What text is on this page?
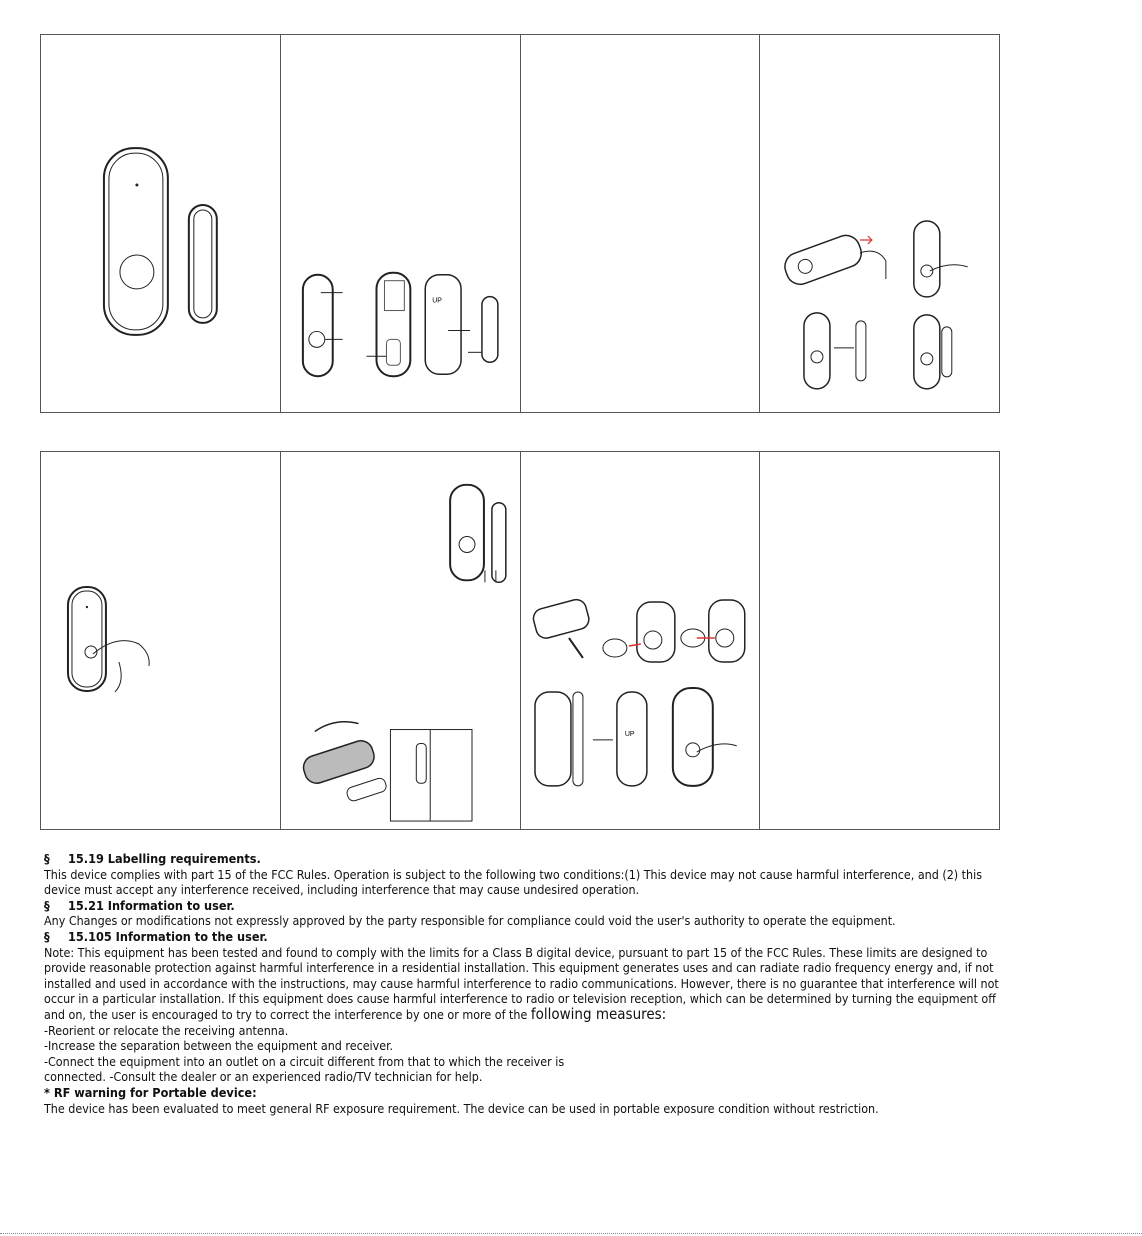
UP
UP
§ 15.19 Labelling requirements.

This device complies with part 15 of the FCC Rules. Operation is subject to the following two conditions:(1) This device may not cause harmful interference, and (2) this device must accept any interference received, including interference that may cause undesired operation.

§ 15.21 Information to user.

Any Changes or modifications not expressly approved by the party responsible for compliance could void the user's authority to operate the equipment.

§ 15.105 Information to the user.

Note: This equipment has been tested and found to comply with the limits for a Class B digital device, pursuant to part 15 of the FCC Rules. These limits are designed to provide reasonable protection against harmful interference in a residential installation. This equipment generates uses and can radiate radio frequency energy and, if not installed and used in accordance with the instructions, may cause harmful interference to radio communications. However, there is no guarantee that interference will not occur in a particular installation. If this equipment does cause harmful interference to radio or television reception, which can be determined by turning the equipment off and on, the user is encouraged to try to correct the interference by one or more of the following measures:

-Reorient or relocate the receiving antenna.

-Increase the separation between the equipment and receiver.

-Connect the equipment into an outlet on a circuit different from that to which the receiver is

connected. -Consult the dealer or an experienced radio/TV technician for help.

* RF warning for Portable device:

The device has been evaluated to meet general RF exposure requirement. The device can be used in portable exposure condition without restriction.
